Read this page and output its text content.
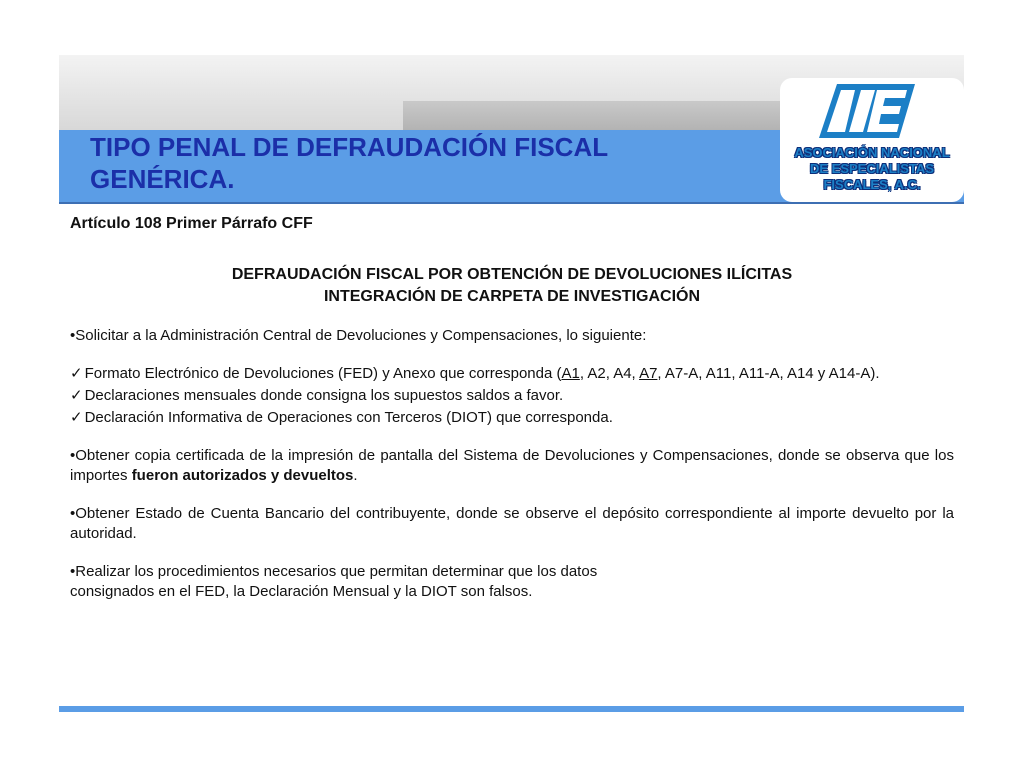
TIPO PENAL DE DEFRAUDACIÓN FISCAL
GENÉRICA.

ASOCIACIÓN NACIONAL
DE ESPECIALISTAS
FISCALES, A.C.

Artículo 108 Primer Párrafo CFF

DEFRAUDACIÓN FISCAL POR OBTENCIÓN DE DEVOLUCIONES ILÍCITAS
INTEGRACIÓN DE CARPETA DE INVESTIGACIÓN

•Solicitar a la Administración Central de Devoluciones y Compensaciones, lo siguiente:

✓ Formato Electrónico de Devoluciones (FED) y Anexo que corresponda (A1, A2, A4, A7, A7-A, A11, A11-A, A14 y A14-A).

✓ Declaraciones mensuales donde consigna los supuestos saldos a favor.

✓ Declaración Informativa de Operaciones con Terceros (DIOT) que corresponda.

•Obtener copia certificada de la impresión de pantalla del Sistema de Devoluciones y Compensaciones, donde se observa que los importes fueron autorizados y devueltos.

•Obtener Estado de Cuenta Bancario del contribuyente, donde se observe el depósito correspondiente al importe devuelto por la autoridad.

•Realizar los procedimientos necesarios que permitan determinar que los datos
consignados en el FED, la Declaración Mensual y la DIOT son falsos.
